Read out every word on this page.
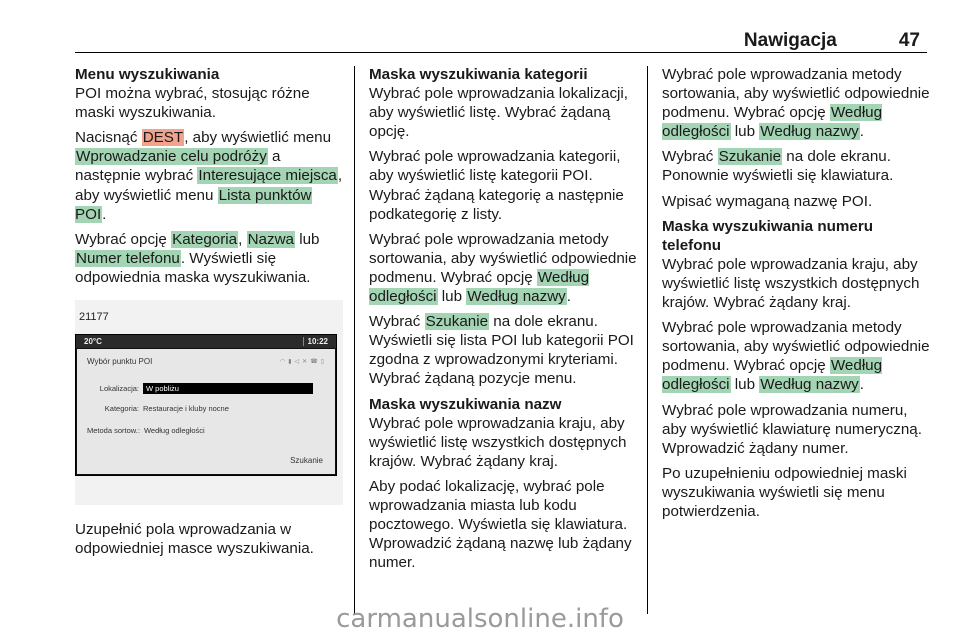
Nawigacja	47
Menu wyszukiwania
POI można wybrać, stosując różne maski wyszukiwania.
Nacisnąć DEST, aby wyświetlić menu Wprowadzanie celu podróży a następnie wybrać Interesujące miejsca, aby wyświetlić menu Lista punktów POI.
Wybrać opcję Kategoria, Nazwa lub Numer telefonu. Wyświetli się odpowiednia maska wyszukiwania.
21177
20°C	10:22
Wybór punktu POI	◠▮◁✕☎▯
Lokalizacja: W pobliżu
Kategoria: Restauracje i kluby nocne
Metoda sortow.: Według odległości
Szukanie
Uzupełnić pola wprowadzania w odpowiedniej masce wyszukiwania.
Maska wyszukiwania kategorii
Wybrać pole wprowadzania lokalizacji, aby wyświetlić listę. Wybrać żądaną opcję.
Wybrać pole wprowadzania kategorii, aby wyświetlić listę kategorii POI. Wybrać żądaną kategorię a następnie podkategorię z listy.
Wybrać pole wprowadzania metody sortowania, aby wyświetlić odpowiednie podmenu. Wybrać opcję Według odległości lub Według nazwy.
Wybrać Szukanie na dole ekranu. Wyświetli się lista POI lub kategorii POI zgodna z wprowadzonymi kryteriami. Wybrać żądaną pozycje menu.
Maska wyszukiwania nazw
Wybrać pole wprowadzania kraju, aby wyświetlić listę wszystkich dostępnych krajów. Wybrać żądany kraj.
Aby podać lokalizację, wybrać pole wprowadzania miasta lub kodu pocztowego. Wyświetla się klawiatura. Wprowadzić żądaną nazwę lub żądany numer.
Wybrać pole wprowadzania metody sortowania, aby wyświetlić odpowiednie podmenu. Wybrać opcję Według odległości lub Według nazwy.
Wybrać Szukanie na dole ekranu. Ponownie wyświetli się klawiatura.
Wpisać wymaganą nazwę POI.
Maska wyszukiwania numeru telefonu
Wybrać pole wprowadzania kraju, aby wyświetlić listę wszystkich dostępnych krajów. Wybrać żądany kraj.
Wybrać pole wprowadzania metody sortowania, aby wyświetlić odpowiednie podmenu. Wybrać opcję Według odległości lub Według nazwy.
Wybrać pole wprowadzania numeru, aby wyświetlić klawiaturę numeryczną. Wprowadzić żądany numer.
Po uzupełnieniu odpowiedniej maski wyszukiwania wyświetli się menu potwierdzenia.
carmanualsonline.info
